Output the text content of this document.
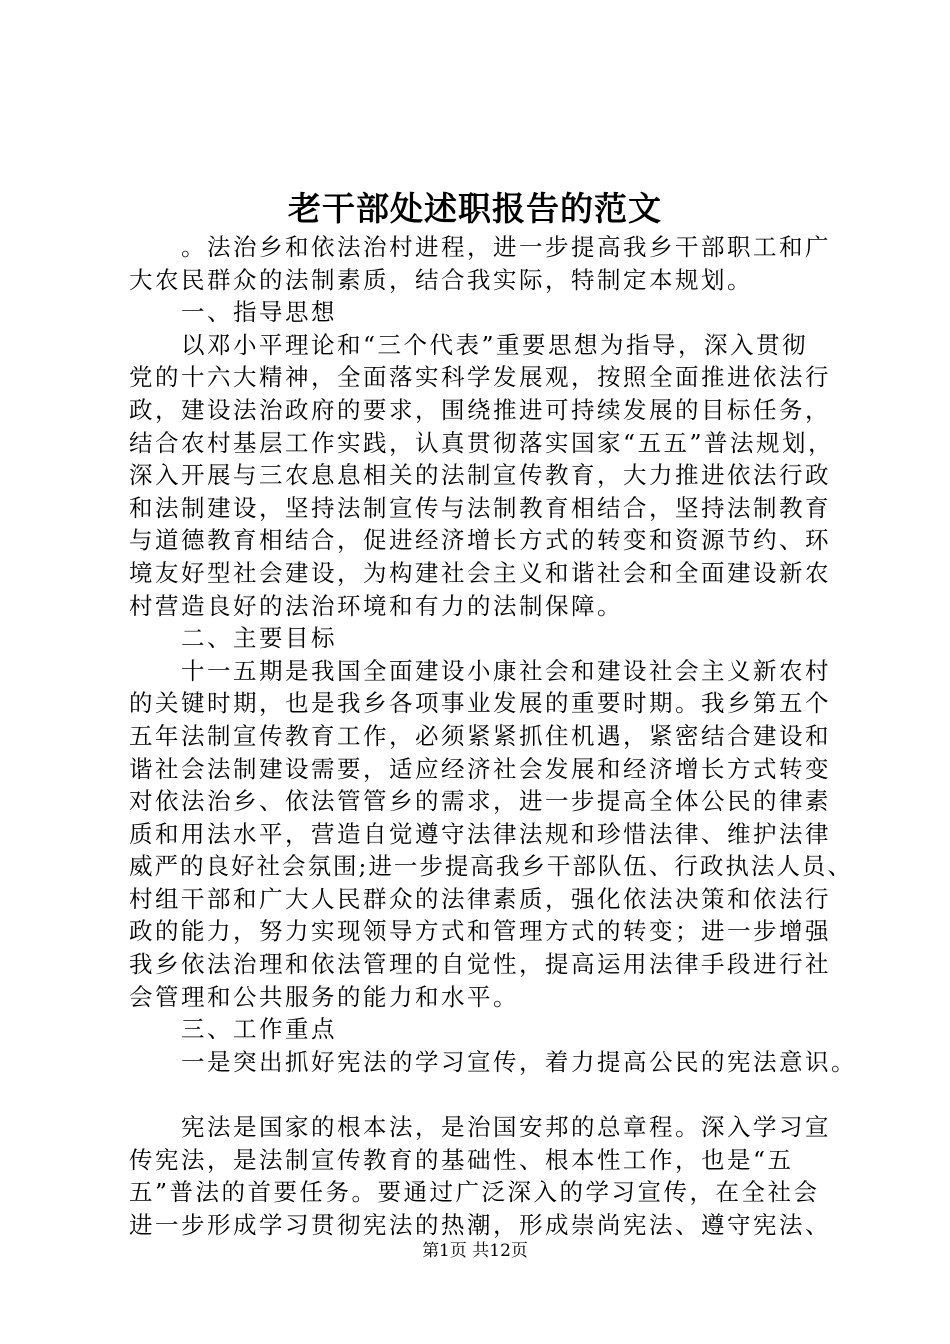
老干部处述职报告的范文

。法治乡和依法治村进程，进一步提高我乡干部职工和广

大农民群众的法制素质，结合我实际，特制定本规划。

一、指导思想

以邓小平理论和“三个代表”重要思想为指导，深入贯彻

党的十六大精神，全面落实科学发展观，按照全面推进依法行

政，建设法治政府的要求，围绕推进可持续发展的目标任务，

结合农村基层工作实践，认真贯彻落实国家“五五”普法规划，

深入开展与三农息息相关的法制宣传教育，大力推进依法行政

和法制建设，坚持法制宣传与法制教育相结合，坚持法制教育

与道德教育相结合，促进经济增长方式的转变和资源节约、环

境友好型社会建设，为构建社会主义和谐社会和全面建设新农

村营造良好的法治环境和有力的法制保障。

二、主要目标

十一五期是我国全面建设小康社会和建设社会主义新农村

的关键时期，也是我乡各项事业发展的重要时期。我乡第五个

五年法制宣传教育工作，必须紧紧抓住机遇，紧密结合建设和

谐社会法制建设需要，适应经济社会发展和经济增长方式转变

对依法治乡、依法管管乡的需求，进一步提高全体公民的律素

质和用法水平，营造自觉遵守法律法规和珍惜法律、维护法律

威严的良好社会氛围;进一步提高我乡干部队伍、行政执法人员、

村组干部和广大人民群众的法律素质，强化依法决策和依法行

政的能力，努力实现领导方式和管理方式的转变；进一步增强

我乡依法治理和依法管理的自觉性，提高运用法律手段进行社

会管理和公共服务的能力和水平。

三、工作重点

一是突出抓好宪法的学习宣传，着力提高公民的宪法意识。

宪法是国家的根本法，是治国安邦的总章程。深入学习宣

传宪法，是法制宣传教育的基础性、根本性工作，也是“五

五”普法的首要任务。要通过广泛深入的学习宣传，在全社会

进一步形成学习贯彻宪法的热潮，形成崇尚宪法、遵守宪法、

第1页 共12页
